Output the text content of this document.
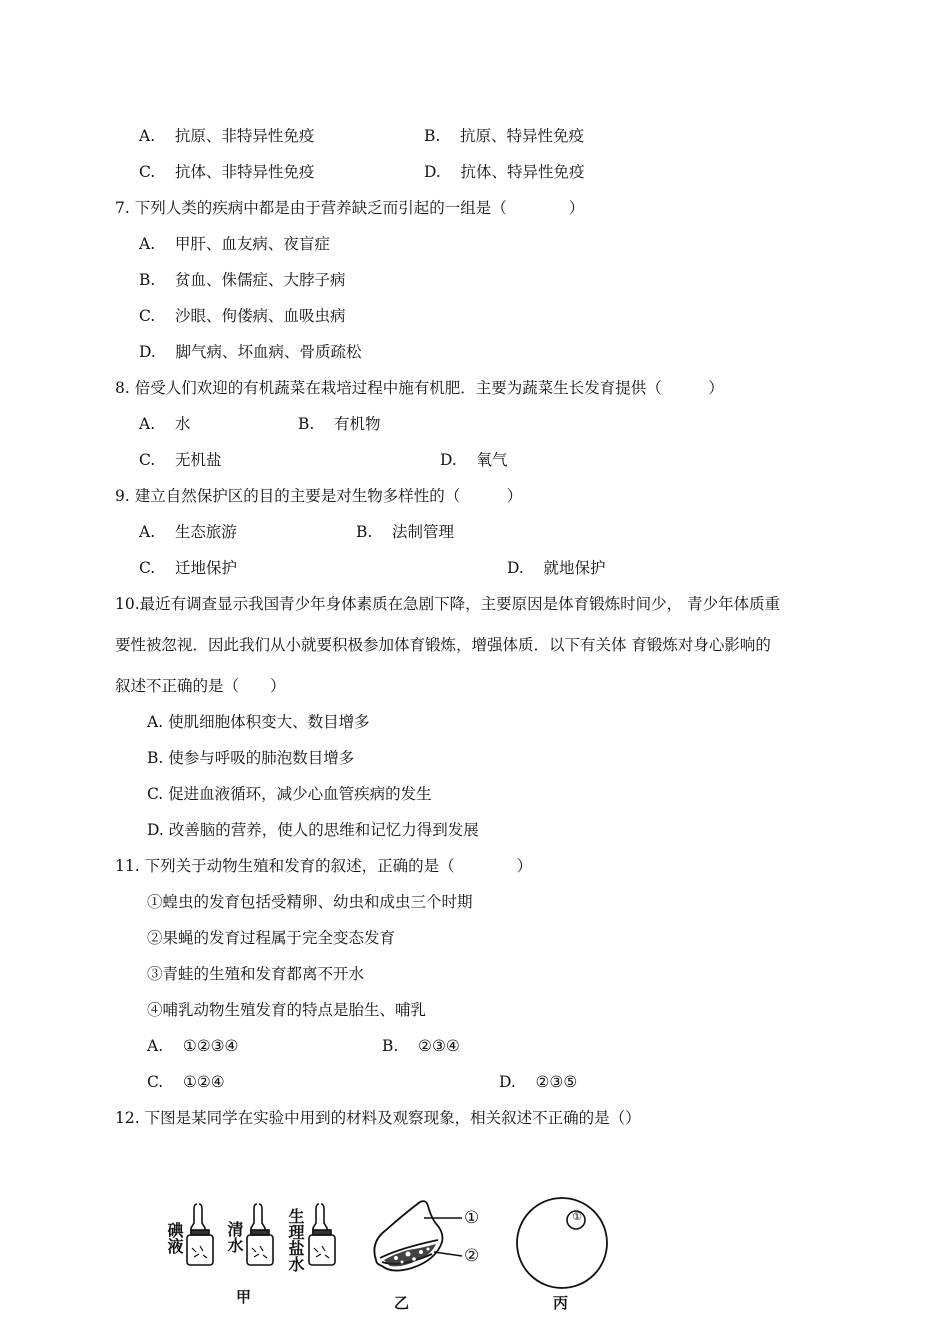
A. 抗原、非特异性免疫	B. 抗原、特异性免疫
C. 抗体、非特异性免疫	D. 抗体、特异性免疫
7. 下列人类的疾病中都是由于营养缺乏而引起的一组是（　　　　）
A. 甲肝、血友病、夜盲症
B. 贫血、侏儒症、大脖子病
C. 沙眼、佝偻病、血吸虫病
D. 脚气病、坏血病、骨质疏松
8. 倍受人们欢迎的有机蔬菜在栽培过程中施有机肥．主要为蔬菜生长发育提供（　　　）
A. 水	B. 有机物
C. 无机盐	D. 氧气
9. 建立自然保护区的目的主要是对生物多样性的（　　　）
A. 生态旅游	B. 法制管理
C. 迁地保护	D. 就地保护
10.最近有调查显示我国青少年身体素质在急剧下降，主要原因是体育锻炼时间少， 青少年体质重
要性被忽视．因此我们从小就要积极参加体育锻炼，增强体质．以下有关体 育锻炼对身心影响的
叙述不正确的是（　　）
A. 使肌细胞体积变大、数目增多
B. 使参与呼吸的肺泡数目增多
C. 促进血液循环，减少心血管疾病的发生
D. 改善脑的营养，使人的思维和记忆力得到发展
11. 下列关于动物生殖和发育的叙述，正确的是（　　　　）
①蝗虫的发育包括受精卵、幼虫和成虫三个时期
②果蝇的发育过程属于完全变态发育
③青蛙的生殖和发育都离不开水
④哺乳动物生殖发育的特点是胎生、哺乳
A. ①②③④	B. ②③④
C. ①②④	D. ②③⑤
12. 下图是某同学在实验中用到的材料及观察现象，相关叙述不正确的是（）
碘液	清水	生理盐水
甲
①
②
乙
①
丙
